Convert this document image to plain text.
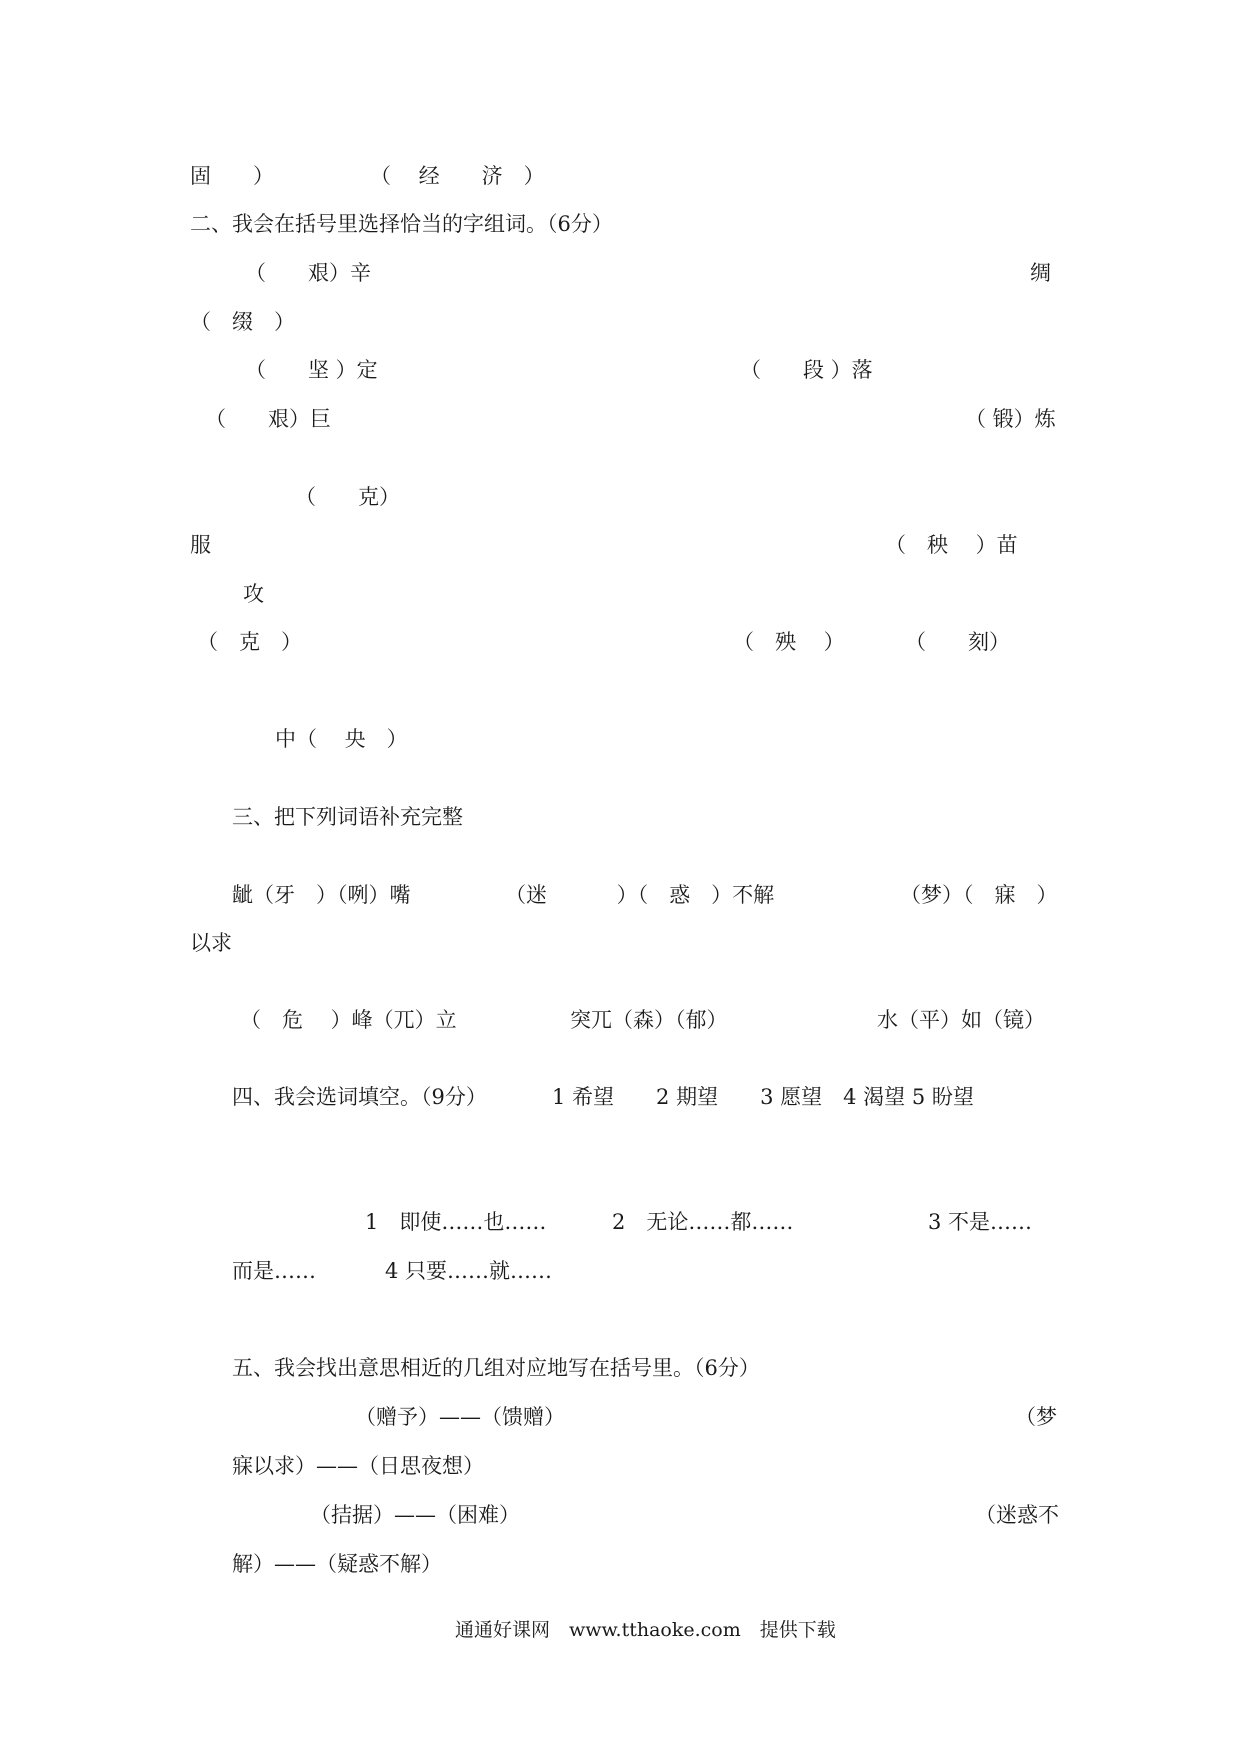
固　　）	（　 经　　济　）
二、我会在括号里选择恰当的字组词。（6分）
（　　艰）辛	绸
（　缀　）
（　　坚 ）定	（　　段 ）落
（　　艰）巨	（ 锻）炼
（　　克）
服	（　秧　 ）苗
攻
（　克　）	（　殃　 ）	（　　刻）
中（　 央　）
三、把下列词语补充完整
龇（牙　）（咧）嘴	（迷　　　 ）（　惑　）不解	（梦）（　寐　）
以求
（　危　 ）峰（兀）立	突兀（森）（郁）	水（平）如（镜）
四、我会选词填空。（9分）	1 希望　　2 期望　　3 愿望　4 渴望 5 盼望
1　即使……也……	2　无论……都……	3 不是……
而是……	4 只要……就……
五、我会找出意思相近的几组对应地写在括号里。（6分）
（赠予）——（馈赠）	（梦
寐以求）——（日思夜想）
（拮据）——（困难）	（迷惑不
解）——（疑惑不解）
通通好课网　www.tthaoke.com　提供下载
